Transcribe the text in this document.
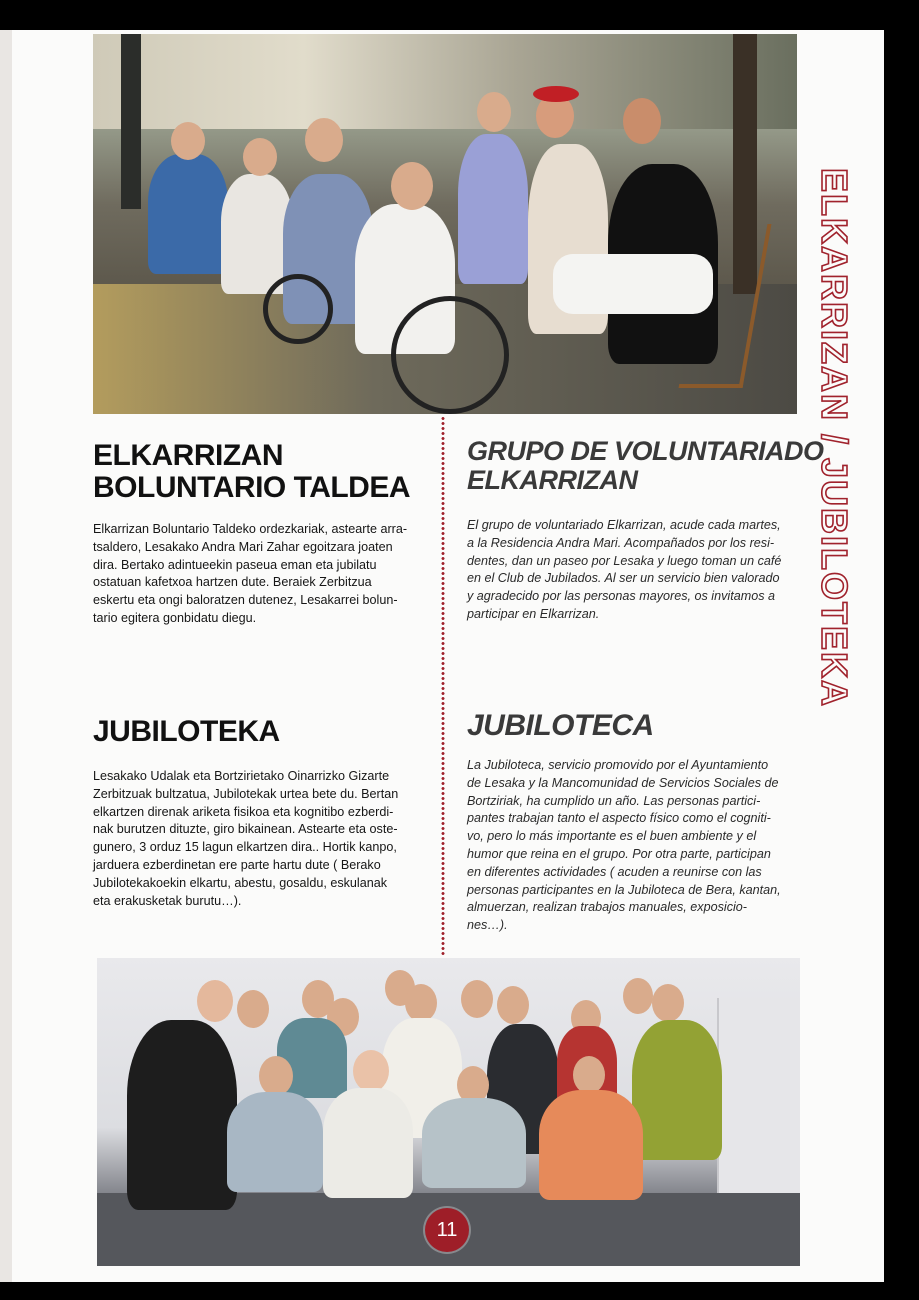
ELKARRIZAN / JUBILOTEKA
ELKARRIZAN
BOLUNTARIO TALDEA
Elkarrizan Boluntario Taldeko ordezkariak, astearte arra-
tsaldero, Lesakako Andra Mari Zahar egoitzara joaten
dira. Bertako adintueekin paseua eman eta jubilatu
ostatuan kafetxoa hartzen dute. Beraiek Zerbitzua
eskertu eta ongi baloratzen dutenez, Lesakarrei bolun-
tario egitera gonbidatu diegu.
GRUPO DE VOLUNTARIADO
ELKARRIZAN
El grupo de voluntariado Elkarrizan, acude cada martes,
a la Residencia Andra Mari. Acompañados por los resi-
dentes, dan un paseo por Lesaka y luego toman un café
en el Club de Jubilados. Al ser un servicio bien valorado
y agradecido por las personas mayores, os invitamos a
participar en Elkarrizan.
JUBILOTEKA
Lesakako Udalak eta Bortzirietako Oinarrizko Gizarte
Zerbitzuak bultzatua, Jubilotekak urtea bete du. Bertan
elkartzen direnak ariketa fisikoa eta kognitibo ezberdi-
nak burutzen dituzte, giro bikainean. Astearte eta oste-
gunero, 3 orduz 15 lagun elkartzen dira.. Hortik kanpo,
jarduera ezberdinetan ere parte hartu dute ( Berako
Jubilotekakoekin elkartu, abestu, gosaldu, eskulanak
eta erakusketak burutu…).
JUBILOTECA
La Jubiloteca, servicio promovido por el Ayuntamiento
de Lesaka y la Mancomunidad de Servicios Sociales de
Bortziriak, ha cumplido un año. Las personas partici-
pantes trabajan tanto el aspecto físico como el cogniti-
vo, pero lo más importante es el buen ambiente y el
humor que reina en el grupo. Por otra parte, participan
en diferentes actividades ( acuden a reunirse con las
personas participantes en la Jubiloteca de Bera, kantan,
almuerzan, realizan trabajos manuales, exposicio-
nes…).
11
